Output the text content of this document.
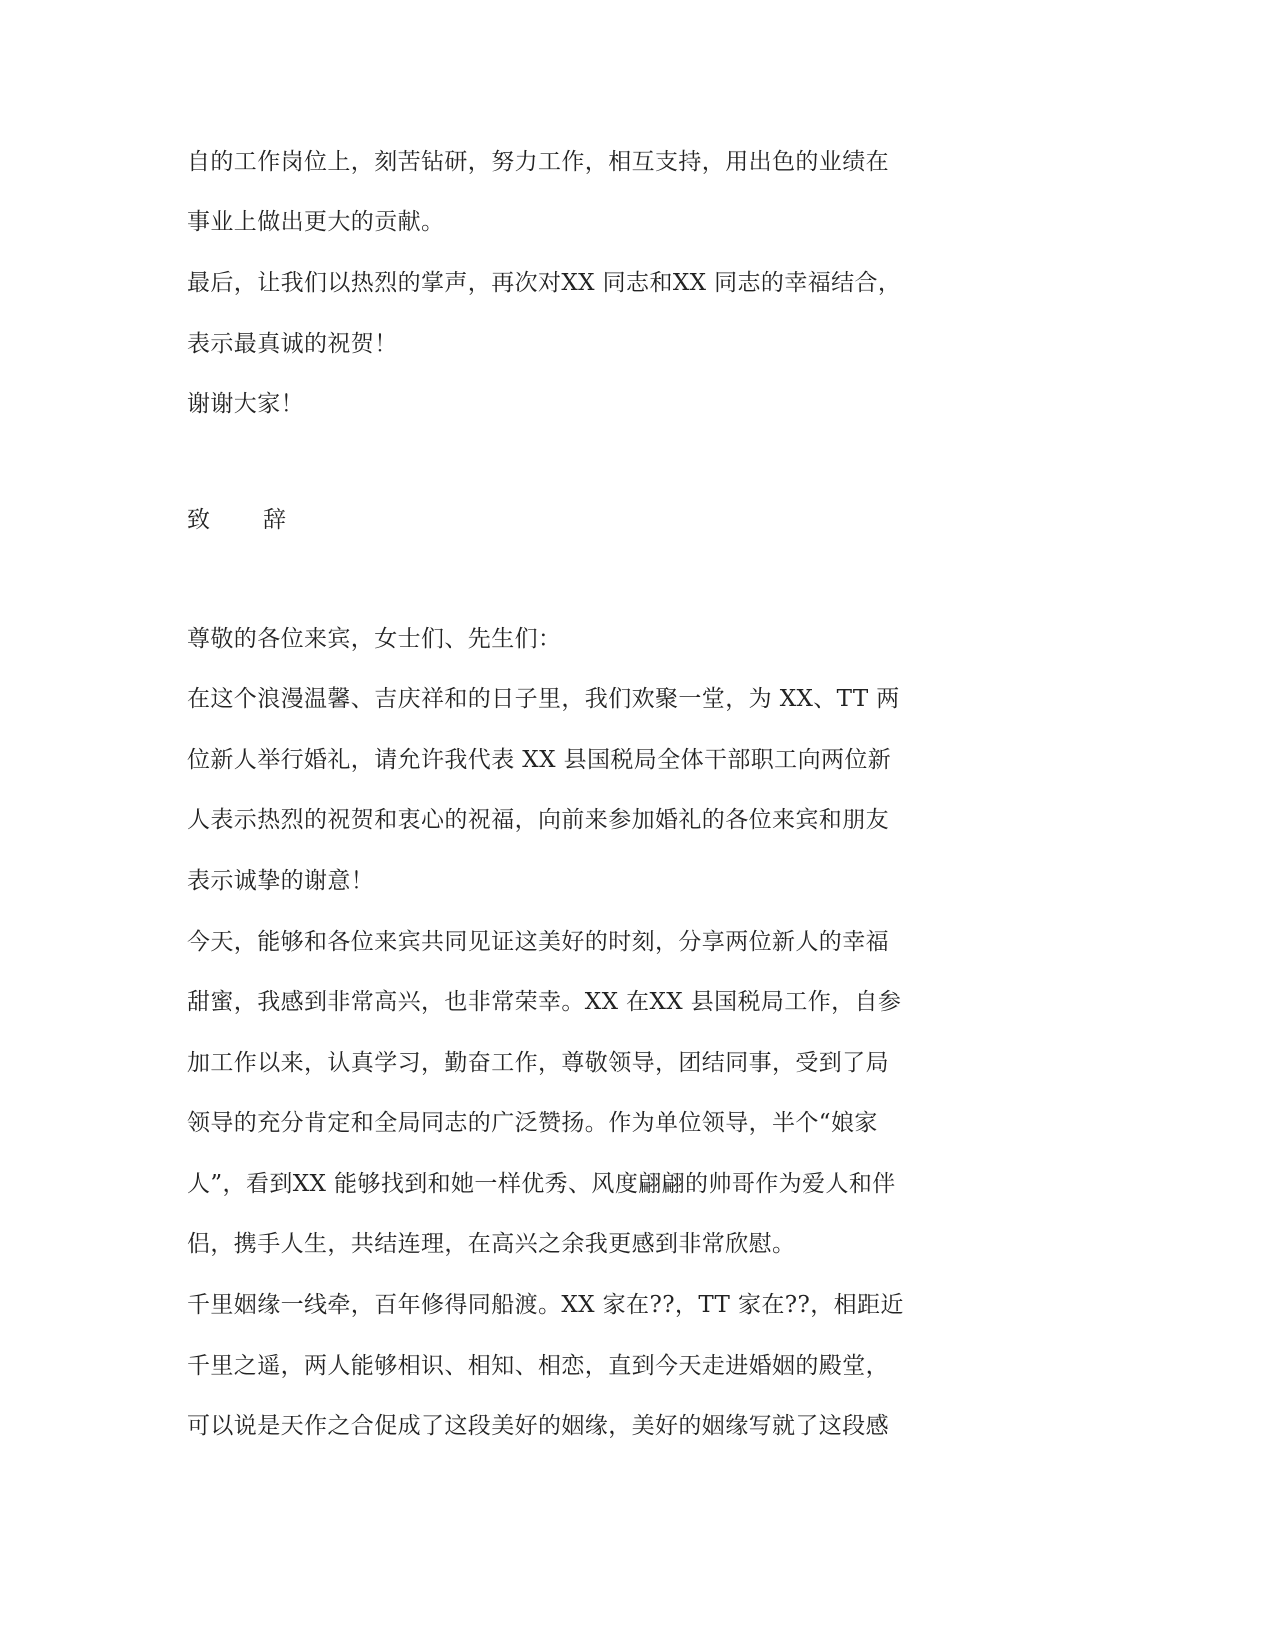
自的工作岗位上，刻苦钻研，努力工作，相互支持，用出色的业绩在
事业上做出更大的贡献。
最后，让我们以热烈的掌声，再次对XX 同志和XX 同志的幸福结合，
表示最真诚的祝贺！
谢谢大家！
致辞
尊敬的各位来宾，女士们、先生们：
在这个浪漫温馨、吉庆祥和的日子里，我们欢聚一堂，为 XX、TT 两
位新人举行婚礼，请允许我代表 XX 县国税局全体干部职工向两位新
人表示热烈的祝贺和衷心的祝福，向前来参加婚礼的各位来宾和朋友
表示诚挚的谢意！
今天，能够和各位来宾共同见证这美好的时刻，分享两位新人的幸福
甜蜜，我感到非常高兴，也非常荣幸。XX 在XX 县国税局工作，自参
加工作以来，认真学习，勤奋工作，尊敬领导，团结同事，受到了局
领导的充分肯定和全局同志的广泛赞扬。作为单位领导，半个“娘家
人”，看到XX 能够找到和她一样优秀、风度翩翩的帅哥作为爱人和伴
侣，携手人生，共结连理，在高兴之余我更感到非常欣慰。
千里姻缘一线牵，百年修得同船渡。XX 家在??，TT 家在??，相距近
千里之遥，两人能够相识、相知、相恋，直到今天走进婚姻的殿堂，
可以说是天作之合促成了这段美好的姻缘，美好的姻缘写就了这段感
